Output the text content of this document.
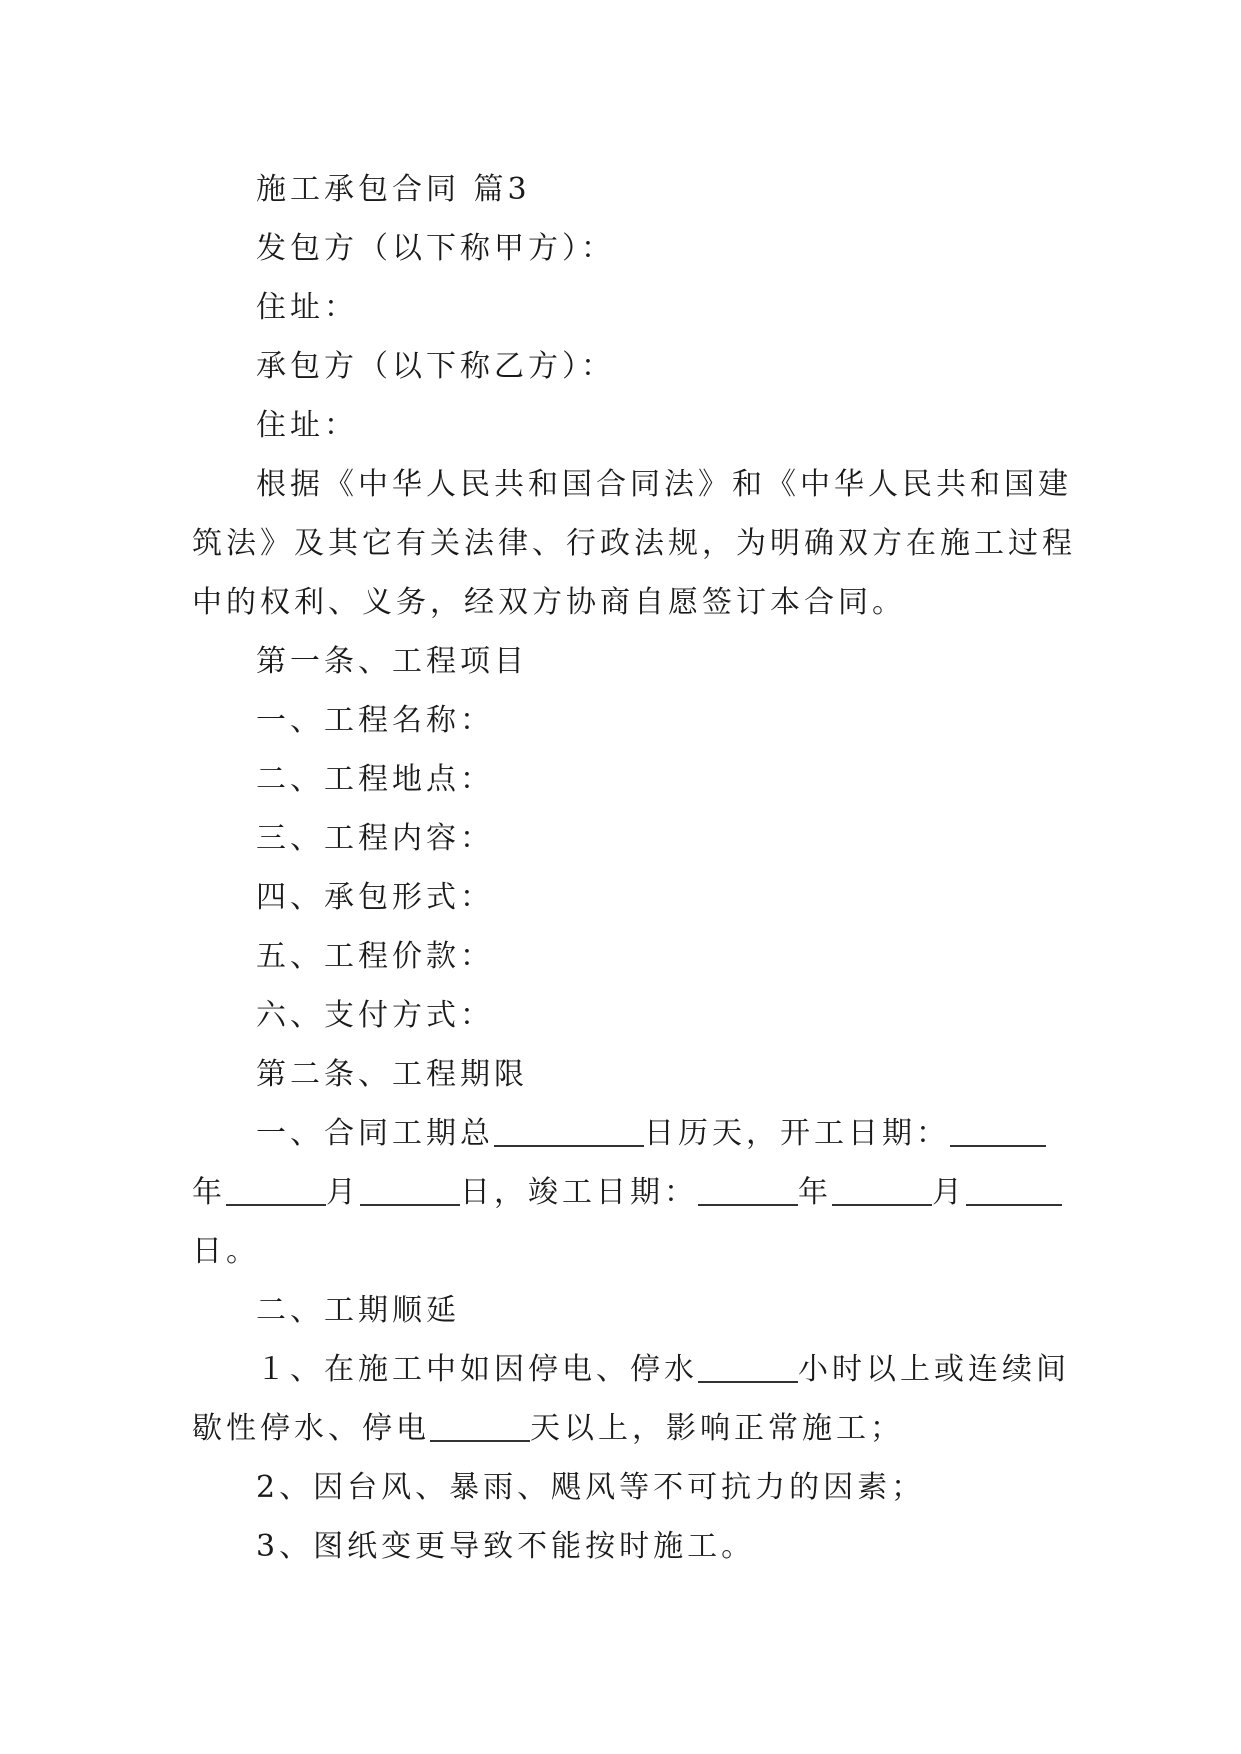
施工承包合同 篇3

发包方（以下称甲方）：

住址：

承包方（以下称乙方）：

住址：

根据《中华人民共和国合同法》和《中华人民共和国建

筑法》及其它有关法律、行政法规，为明确双方在施工过程

中的权利、义务，经双方协商自愿签订本合同。

第一条、工程项目

一、工程名称：

二、工程地点：

三、工程内容：

四、承包形式：

五、工程价款：

六、支付方式：

第二条、工程期限

一、合同工期总	日历天，开工日期：

年	月	日，竣工日期：	年	月

日。

二、工期顺延

１、在施工中如因停电、停水	小时以上或连续间

歇性停水、停电	天以上，影响正常施工；

2、因台风、暴雨、飓风等不可抗力的因素；

3、图纸变更导致不能按时施工。
